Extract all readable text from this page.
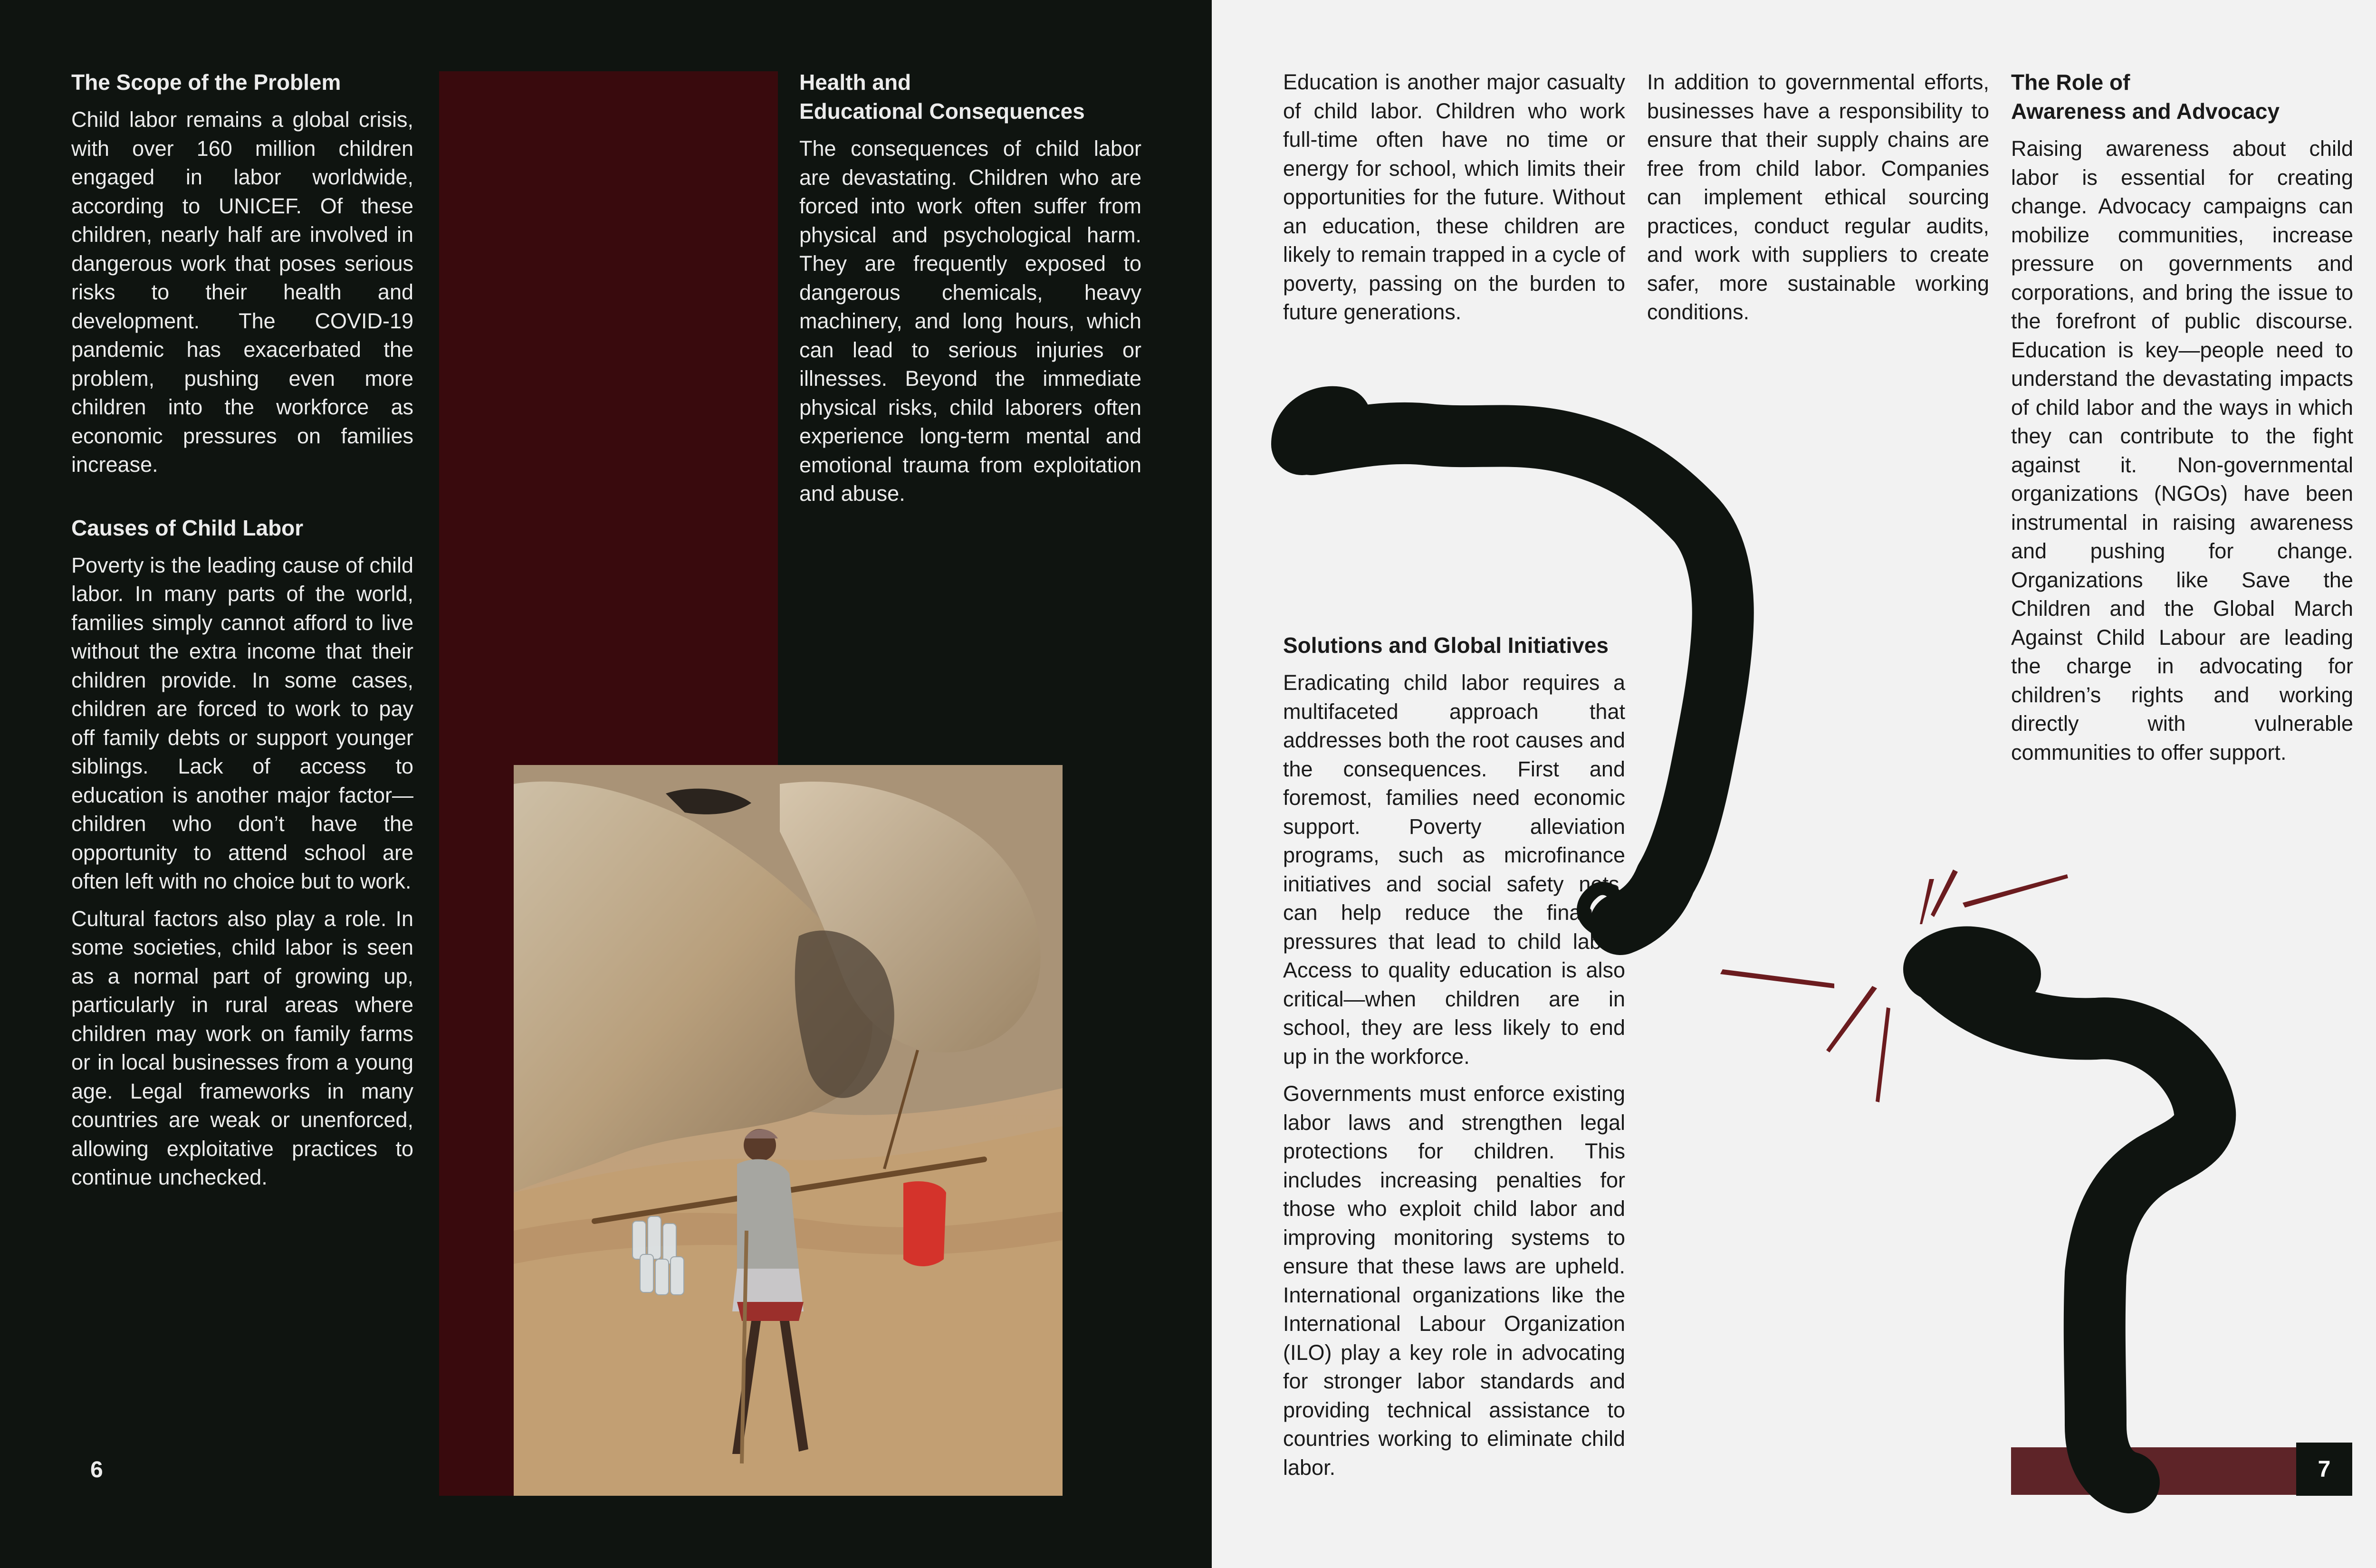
The Scope of the Problem

Child labor remains a global crisis, with over 160 million children engaged in labor worldwide, according to UNICEF. Of these children, nearly half are involved in dangerous work that poses serious risks to their health and development. The COVID-19 pandemic has exacerbated the problem, pushing even more children into the workforce as economic pressures on families increase.

Causes of Child Labor

Poverty is the leading cause of child labor. In many parts of the world, families simply cannot afford to live without the extra income that their children provide. In some cases, children are forced to work to pay off family debts or support younger siblings. Lack of access to education is another major factor—children who don’t have the opportunity to attend school are often left with no choice but to work.

Cultural factors also play a role. In some societies, child labor is seen as a normal part of growing up, particularly in rural areas where children may work on family farms or in local businesses from a young age. Legal frameworks in many countries are weak or unenforced, allowing exploitative practices to continue unchecked.

Health and
Educational Consequences

The consequences of child labor are devastating. Children who are forced into work often suffer from physical and psychological harm. They are frequently exposed to dangerous chemicals, heavy machinery, and long hours, which can lead to serious injuries or illnesses. Beyond the immediate physical risks, child laborers often experience long-term mental and emotional trauma from exploitation and abuse.

6

Education is another major casualty of child labor. Children who work full-time often have no time or energy for school, which limits their opportunities for the future. Without an education, these children are likely to remain trapped in a cycle of poverty, passing on the burden to future generations.

In addition to governmental efforts, businesses have a responsibility to ensure that their supply chains are free from child labor. Companies can implement ethical sourcing practices, conduct regular audits, and work with suppliers to create safer, more sustainable working conditions.

The Role of
Awareness and Advocacy

Raising awareness about child labor is essential for creating change. Advocacy campaigns can mobilize communities, increase pressure on governments and corporations, and bring the issue to the forefront of public discourse. Education is key—people need to understand the devastating impacts of child labor and the ways in which they can contribute to the fight against it. Non-governmental organizations (NGOs) have been instrumental in raising awareness and pushing for change. Organizations like Save the Children and the Global March Against Child Labour are leading the charge in advocating for children’s rights and working directly with vulnerable communities to offer support.

Solutions and Global Initiatives

Eradicating child labor requires a multifaceted approach that addresses both the root causes and the consequences. First and foremost, families need economic support. Poverty alleviation programs, such as microfinance initiatives and social safety nets, can help reduce the financial pressures that lead to child labor. Access to quality education is also critical—when children are in school, they are less likely to end up in the workforce.

Governments must enforce existing labor laws and strengthen legal protections for children. This includes increasing penalties for those who exploit child labor and improving monitoring systems to ensure that these laws are upheld. International organizations like the International Labour Organization (ILO) play a key role in advocating for stronger labor standards and providing technical assistance to countries working to eliminate child labor.	7
